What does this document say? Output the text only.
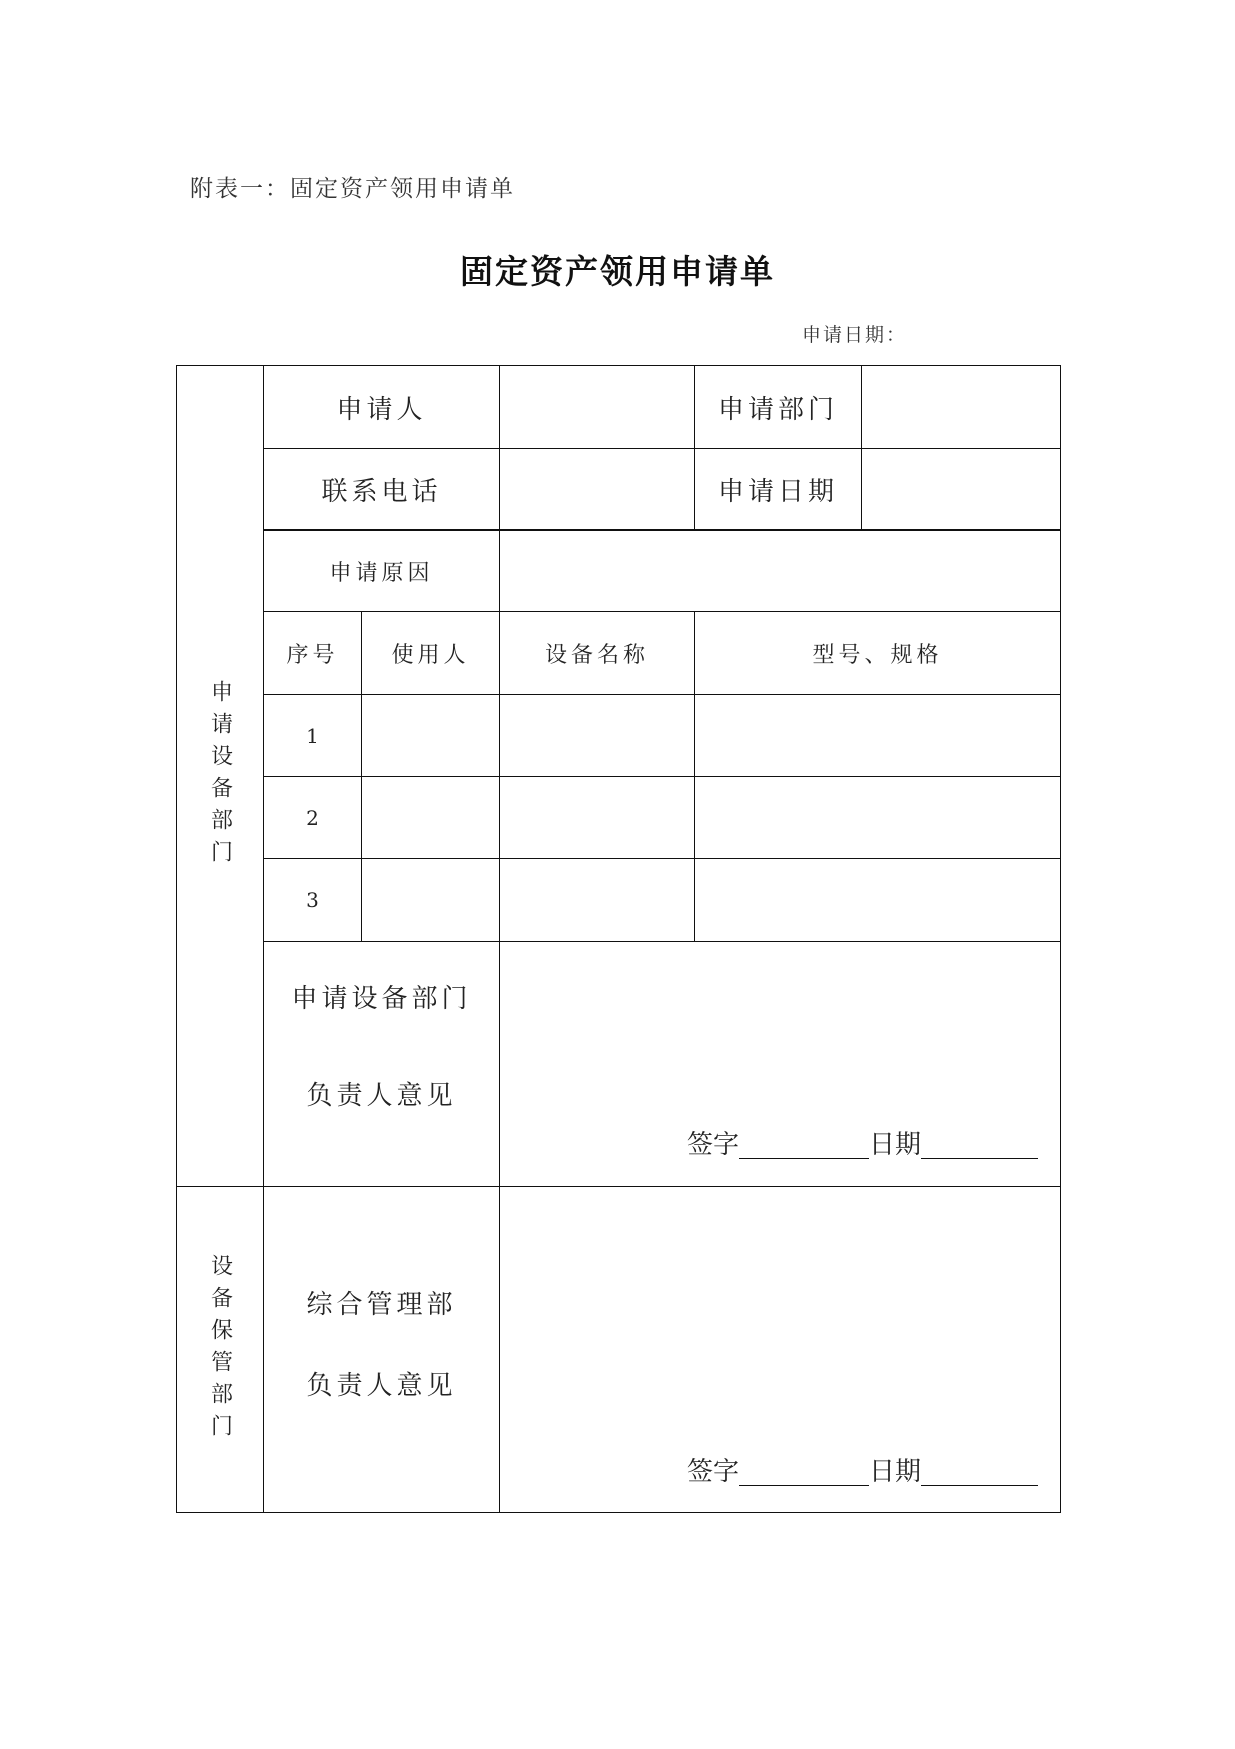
附表一：固定资产领用申请单
固定资产领用申请单
申请日期：
申请设备部门
申请人	申请部门
联系电话	申请日期
申请原因
序号	使用人	设备名称	型号、规格
1
2
3
申请设备部门
负责人意见
签字	日期
设备保管部门	综合管理部
负责人意见
签字	日期
